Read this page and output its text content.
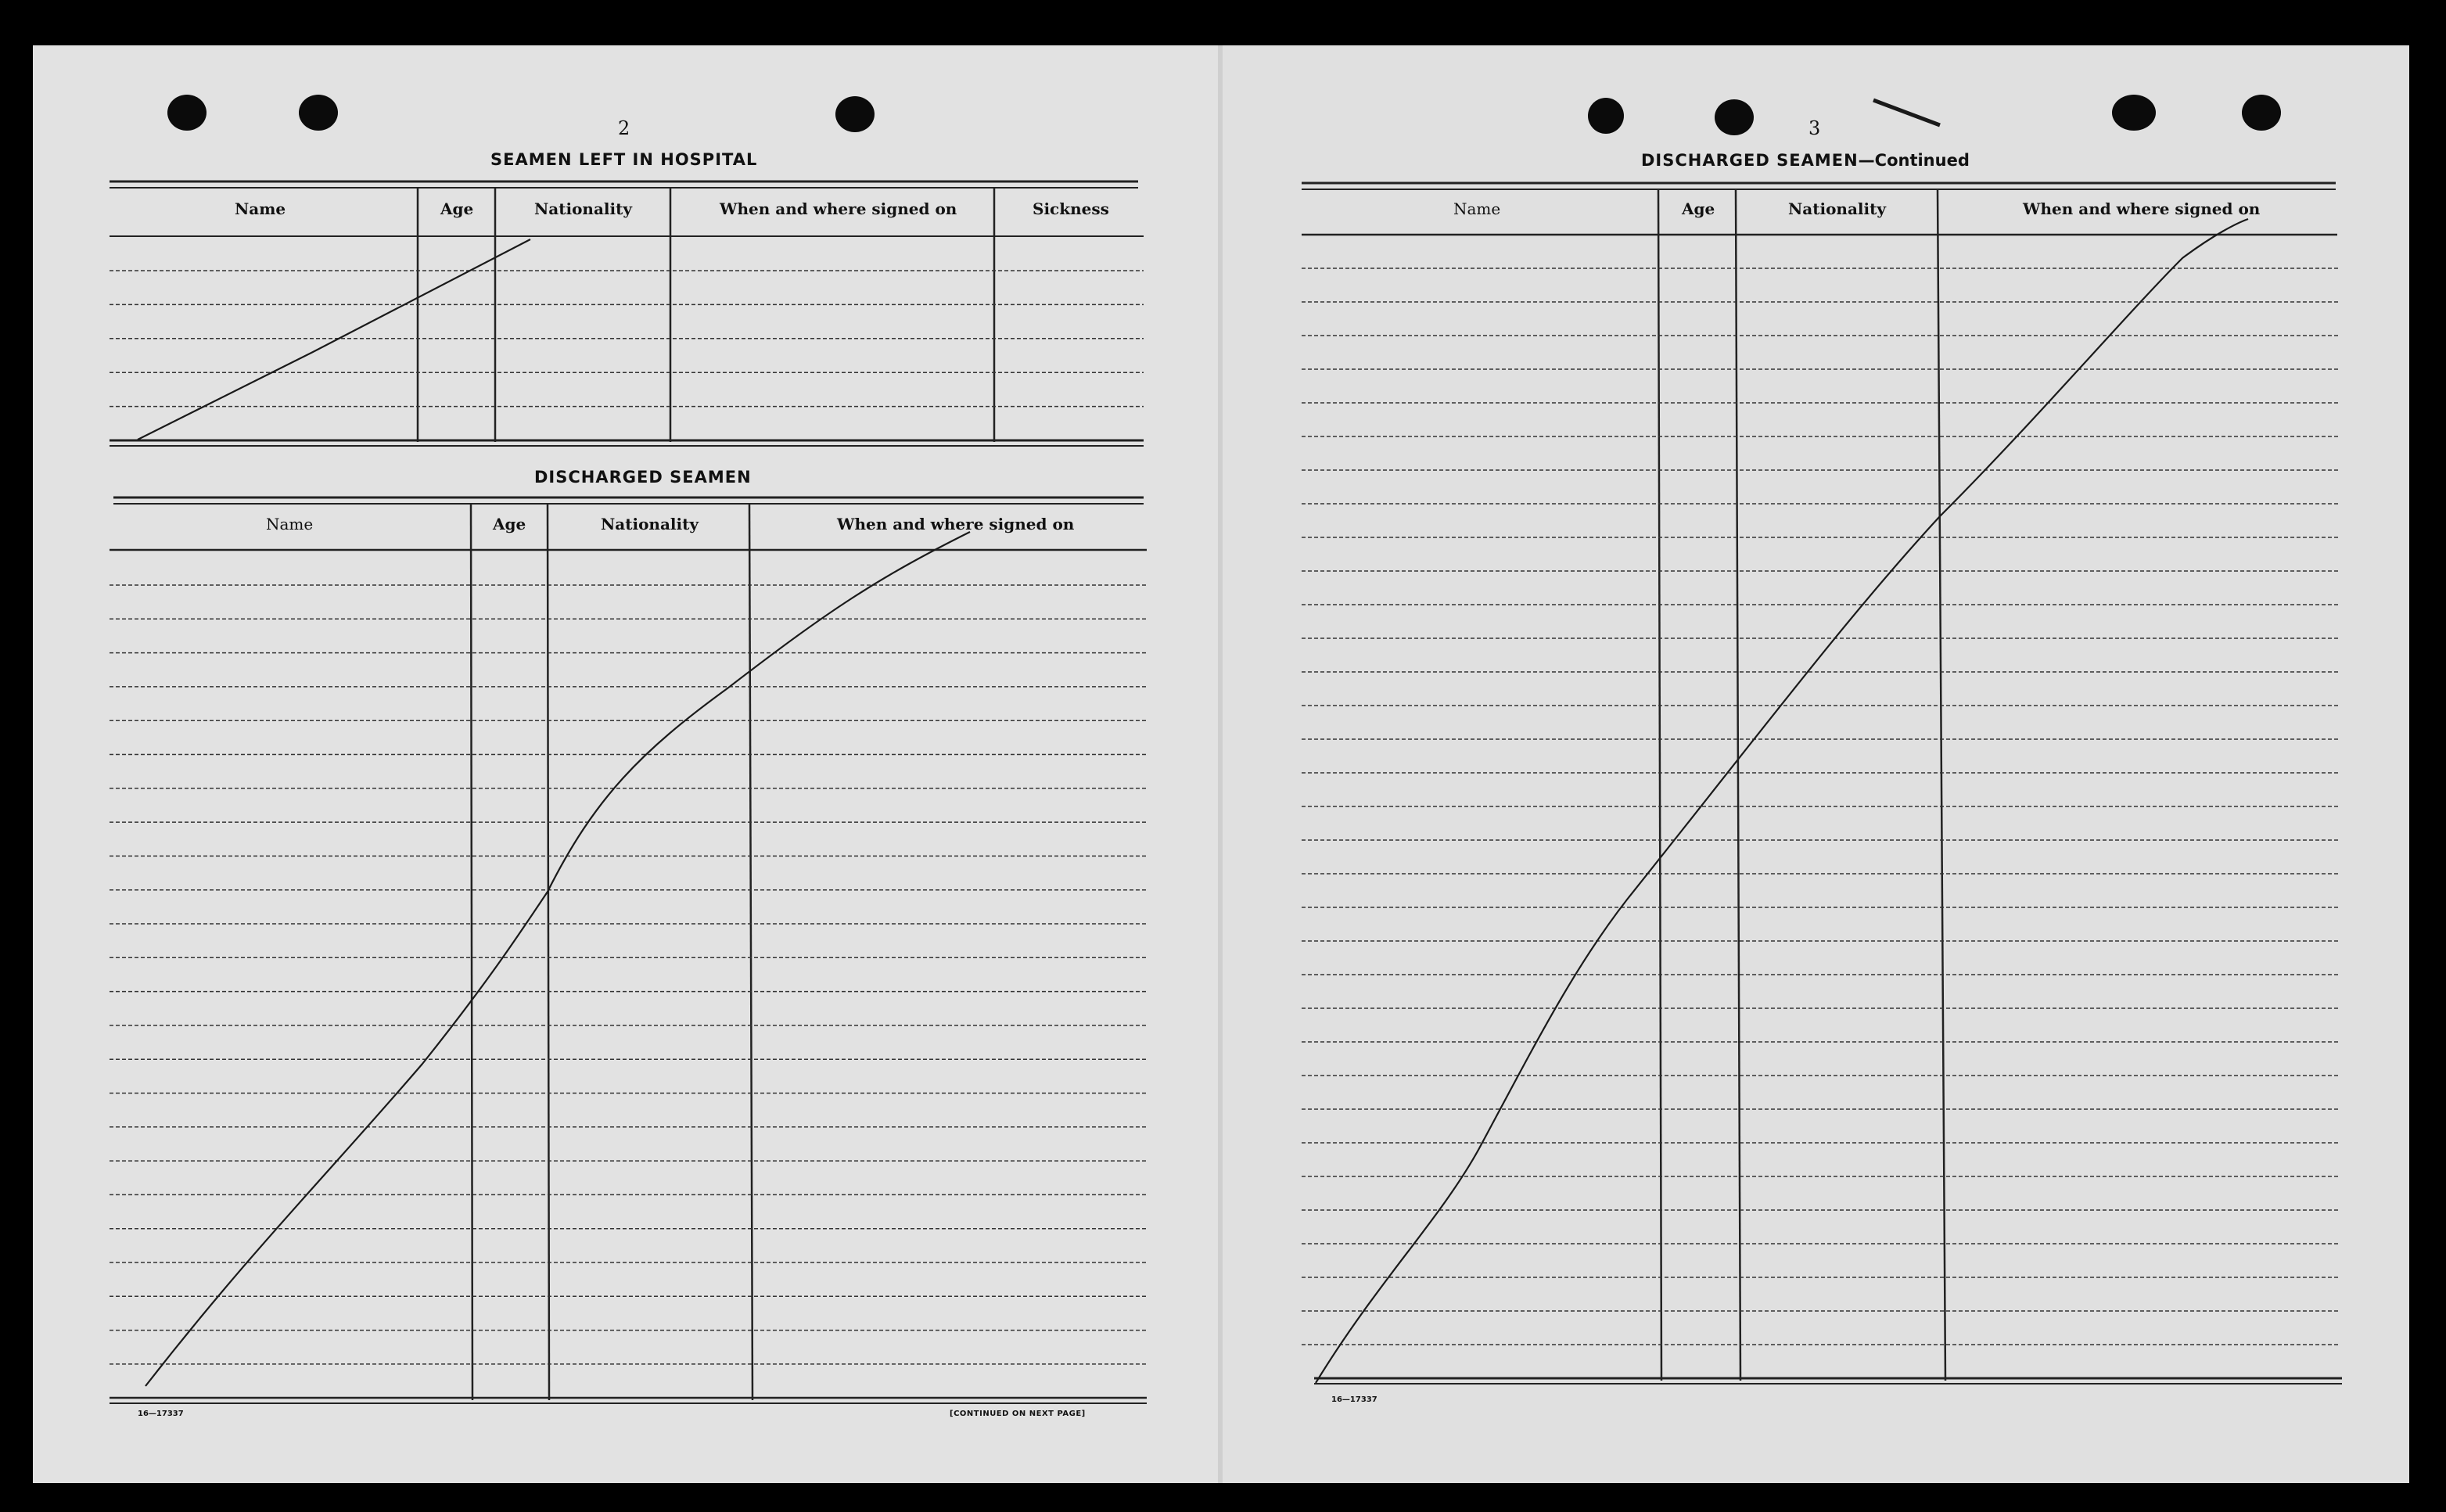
2
SEAMEN LEFT IN HOSPITAL
Name	Age	Nationality	When and where signed on	Sickness
DISCHARGED SEAMEN
Name	Age	Nationality	When and where signed on
16—17337	[CONTINUED ON NEXT PAGE]
3
DISCHARGED SEAMEN—Continued
Name	Age	Nationality	When and where signed on
16—17337
